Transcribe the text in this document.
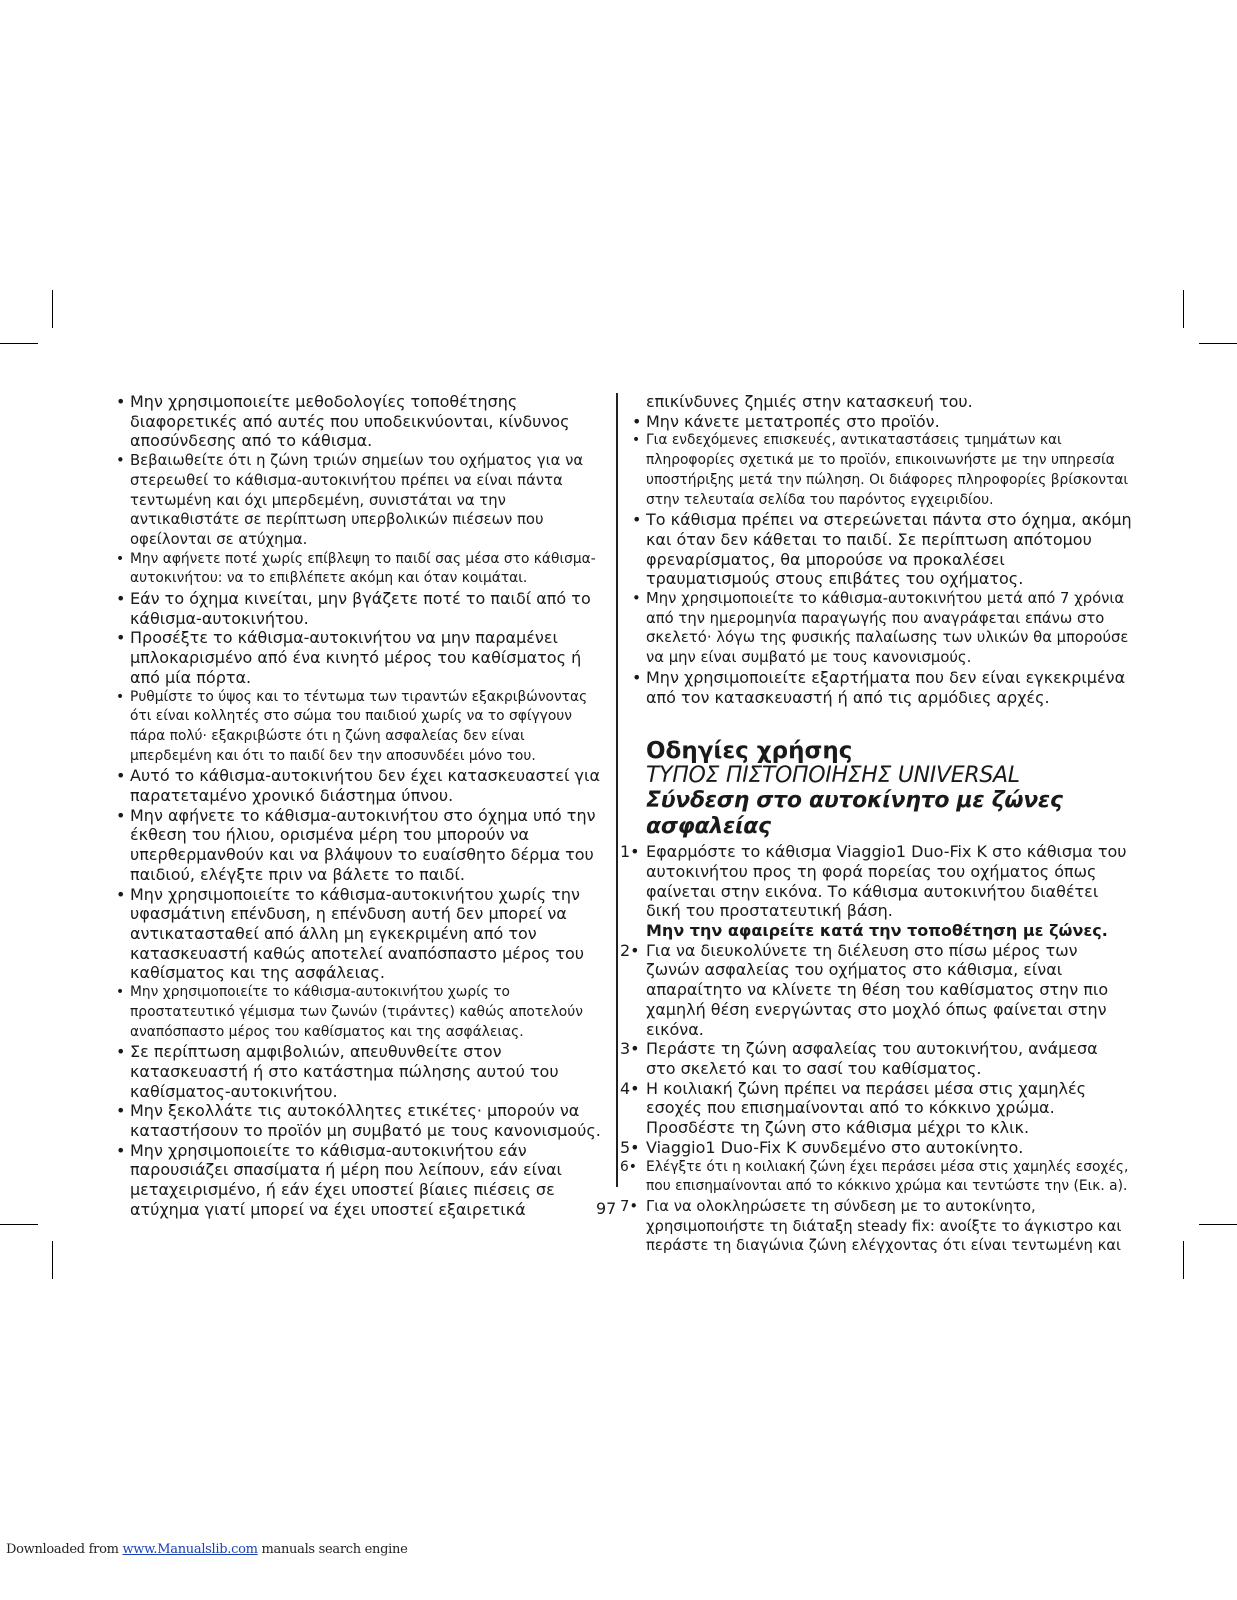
• Μην χρησιμοποιείτε μεθοδολογίες τοποθέτησης διαφορετικές από αυτές που υποδεικνύονται, κίνδυνος αποσύνδεσης από το κάθισμα.

• Βεβαιωθείτε ότι η ζώνη τριών σημείων του οχήματος για να στερεωθεί το κάθισμα-αυτοκινήτου πρέπει να είναι πάντα τεντωμένη και όχι μπερδεμένη, συνιστάται να την αντικαθιστάτε σε περίπτωση υπερβολικών πιέσεων που οφείλονται σε ατύχημα.

• Μην αφήνετε ποτέ χωρίς επίβλεψη το παιδί σας μέσα στο κάθισμα-αυτοκινήτου: να το επιβλέπετε ακόμη και όταν κοιμάται.

• Εάν το όχημα κινείται, μην βγάζετε ποτέ το παιδί από το κάθισμα-αυτοκινήτου.

• Προσέξτε το κάθισμα-αυτοκινήτου να μην παραμένει μπλοκαρισμένο από ένα κινητό μέρος του καθίσματος ή από μία πόρτα.

• Ρυθμίστε το ύψος και το τέντωμα των τιραντών εξακριβώνοντας ότι είναι κολλητές στο σώμα του παιδιού χωρίς να το σφίγγουν πάρα πολύ· εξακριβώστε ότι η ζώνη ασφαλείας δεν είναι μπερδεμένη και ότι το παιδί δεν την αποσυνδέει μόνο του.

• Αυτό το κάθισμα-αυτοκινήτου δεν έχει κατασκευαστεί για παρατεταμένο χρονικό διάστημα ύπνου.

• Μην αφήνετε το κάθισμα-αυτοκινήτου στο όχημα υπό την έκθεση του ήλιου, ορισμένα μέρη του μπορούν να υπερθερμανθούν και να βλάψουν το ευαίσθητο δέρμα του παιδιού, ελέγξτε πριν να βάλετε το παιδί.

• Μην χρησιμοποιείτε το κάθισμα-αυτοκινήτου χωρίς την υφασμάτινη επένδυση, η επένδυση αυτή δεν μπορεί να αντικατασταθεί από άλλη μη εγκεκριμένη από τον κατασκευαστή καθώς αποτελεί αναπόσπαστο μέρος του καθίσματος και της ασφάλειας.

• Μην χρησιμοποιείτε το κάθισμα-αυτοκινήτου χωρίς το προστατευτικό γέμισμα των ζωνών (τιράντες) καθώς αποτελούν αναπόσπαστο μέρος του καθίσματος και της ασφάλειας.

• Σε περίπτωση αμφιβολιών, απευθυνθείτε στον κατασκευαστή ή στο κατάστημα πώλησης αυτού του καθίσματος-αυτοκινήτου.

• Μην ξεκολλάτε τις αυτοκόλλητες ετικέτες· μπορούν να καταστήσουν το προϊόν μη συμβατό με τους κανονισμούς.

• Μην χρησιμοποιείτε το κάθισμα-αυτοκινήτου εάν παρουσιάζει σπασίματα ή μέρη που λείπουν, εάν είναι μεταχειρισμένο, ή εάν έχει υποστεί βίαιες πιέσεις σε ατύχημα γιατί μπορεί να έχει υποστεί εξαιρετικά

επικίνδυνες ζημιές στην κατασκευή του.

• Μην κάνετε μετατροπές στο προϊόν.

• Για ενδεχόμενες επισκευές, αντικαταστάσεις τμημάτων και πληροφορίες σχετικά με το προϊόν, επικοινωνήστε με την υπηρεσία υποστήριξης μετά την πώληση. Οι διάφορες πληροφορίες βρίσκονται στην τελευταία σελίδα του παρόντος εγχειριδίου.

• Το κάθισμα πρέπει να στερεώνεται πάντα στο όχημα, ακόμη και όταν δεν κάθεται το παιδί. Σε περίπτωση απότομου φρεναρίσματος, θα μπορούσε να προκαλέσει τραυματισμούς στους επιβάτες του οχήματος.

• Μην χρησιμοποιείτε το κάθισμα-αυτοκινήτου μετά από 7 χρόνια από την ημερομηνία παραγωγής που αναγράφεται επάνω στο σκελετό· λόγω της φυσικής παλαίωσης των υλικών θα μπορούσε να μην είναι συμβατό με τους κανονισμούς.

• Μην χρησιμοποιείτε εξαρτήματα που δεν είναι εγκεκριμένα από τον κατασκευαστή ή από τις αρμόδιες αρχές.

Οδηγίες χρήσης
ΤΥΠΟΣ ΠΙΣΤΟΠΟΙΗΣΗΣ UNIVERSAL
Σύνδεση στο αυτοκίνητο με ζώνες ασφαλείας
1• Εφαρμόστε το κάθισμα Viaggio1 Duo-Fix K στο κάθισμα του αυτοκινήτου προς τη φορά πορείας του οχήματος όπως φαίνεται στην εικόνα. Το κάθισμα αυτοκινήτου διαθέτει δική του προστατευτική βάση.
Μην την αφαιρείτε κατά την τοποθέτηση με ζώνες.
2• Για να διευκολύνετε τη διέλευση στο πίσω μέρος των ζωνών ασφαλείας του οχήματος στο κάθισμα, είναι απαραίτητο να κλίνετε τη θέση του καθίσματος στην πιο χαμηλή θέση ενεργώντας στο μοχλό όπως φαίνεται στην εικόνα.
3• Περάστε τη ζώνη ασφαλείας του αυτοκινήτου, ανάμεσα στο σκελετό και το σασί του καθίσματος.
4• Η κοιλιακή ζώνη πρέπει να περάσει μέσα στις χαμηλές εσοχές που επισημαίνονται από το κόκκινο χρώμα. Προσδέστε τη ζώνη στο κάθισμα μέχρι το κλικ.
5• Viaggio1 Duo-Fix K συνδεμένο στο αυτοκίνητο.
6• Ελέγξτε ότι η κοιλιακή ζώνη έχει περάσει μέσα στις χαμηλές εσοχές, που επισημαίνονται από το κόκκινο χρώμα και τεντώστε την (Εικ. a).
7• Για να ολοκληρώσετε τη σύνδεση με το αυτοκίνητο, χρησιμοποιήστε τη διάταξη steady fix: ανοίξτε το άγκιστρο και περάστε τη διαγώνια ζώνη ελέγχοντας ότι είναι τεντωμένη και
97
Downloaded from www.Manualslib.com manuals search engine
